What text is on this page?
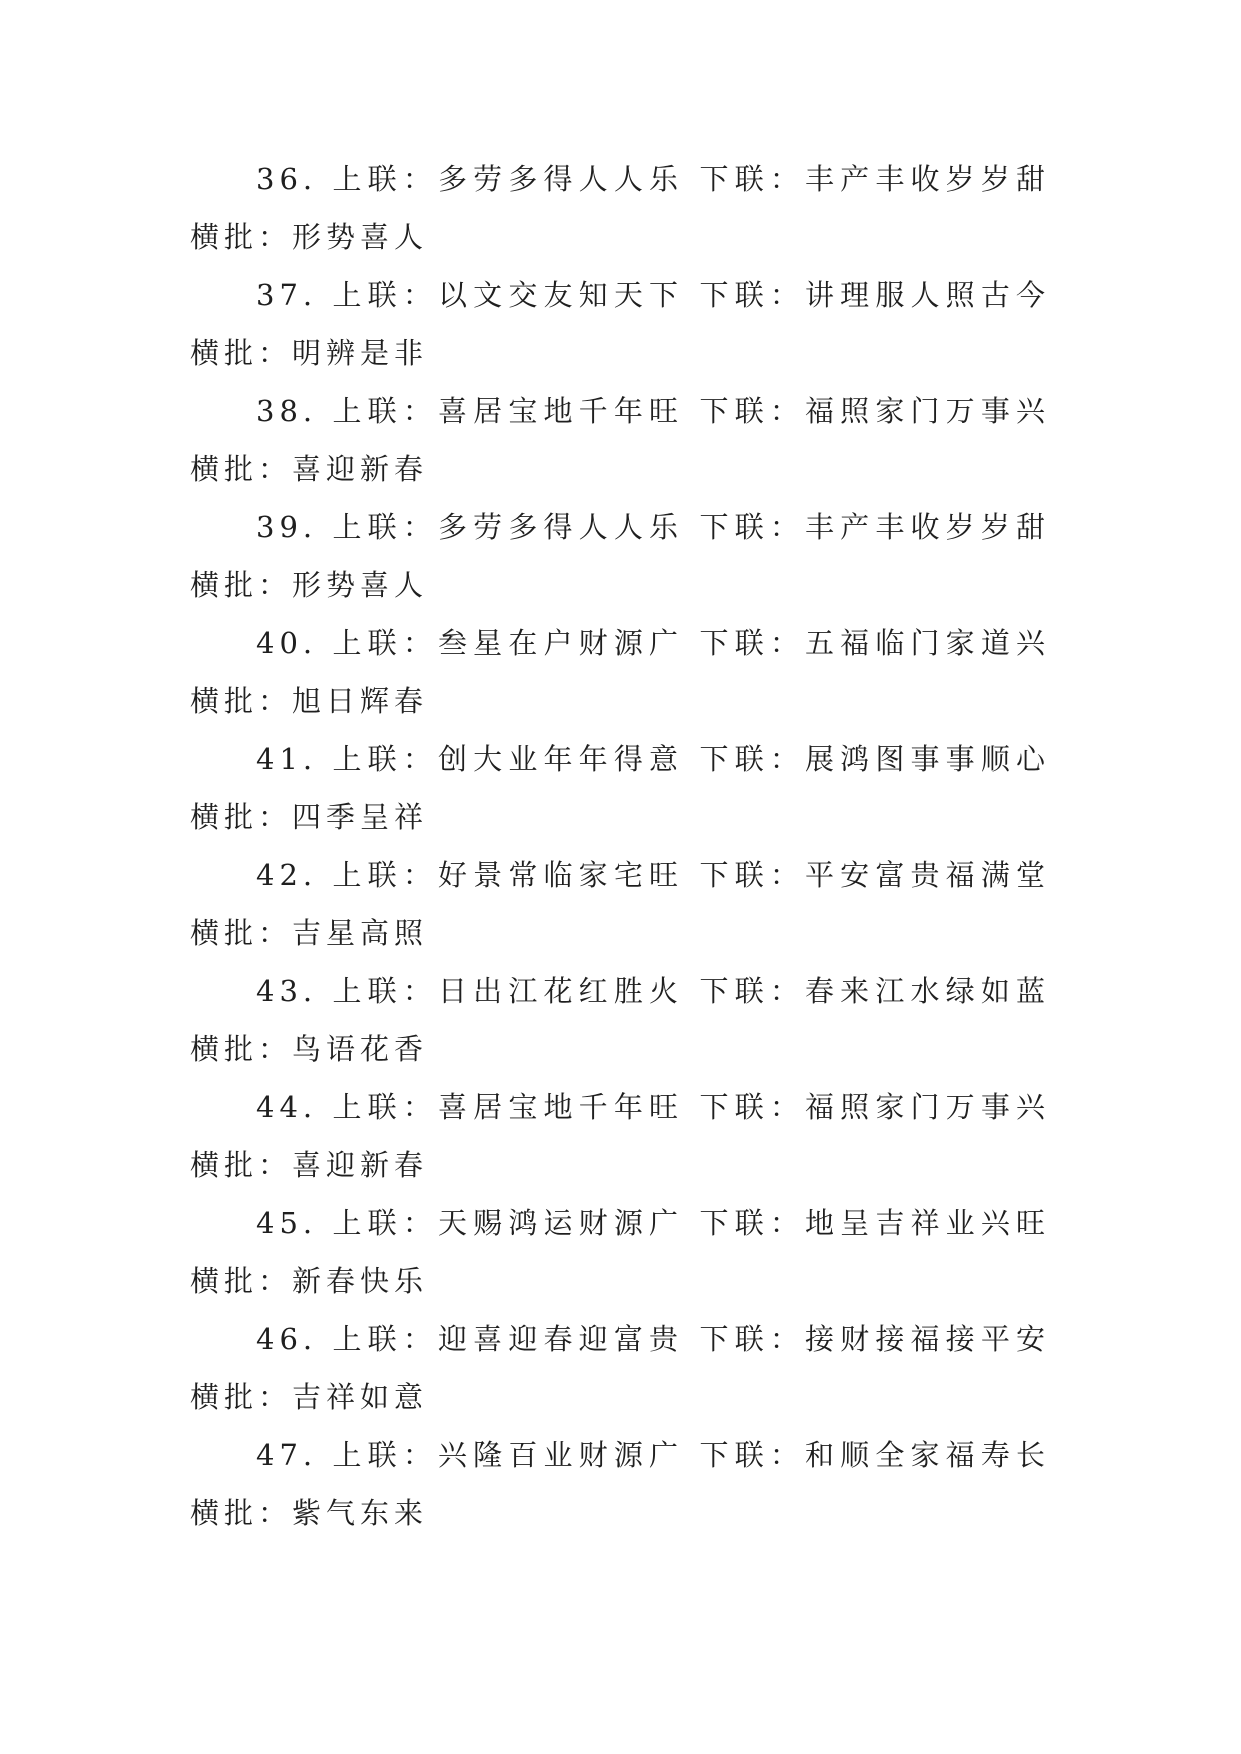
36. 上联：多劳多得人人乐 下联：丰产丰收岁岁甜 横批：形势喜人

37. 上联：以文交友知天下 下联：讲理服人照古今 横批：明辨是非

38. 上联：喜居宝地千年旺 下联：福照家门万事兴 横批：喜迎新春

39. 上联：多劳多得人人乐 下联：丰产丰收岁岁甜 横批：形势喜人

40. 上联：叁星在户财源广 下联：五福临门家道兴 横批：旭日辉春

41. 上联：创大业年年得意 下联：展鸿图事事顺心 横批：四季呈祥

42. 上联：好景常临家宅旺 下联：平安富贵福满堂 横批：吉星高照

43. 上联：日出江花红胜火 下联：春来江水绿如蓝 横批：鸟语花香

44. 上联：喜居宝地千年旺 下联：福照家门万事兴 横批：喜迎新春

45. 上联：天赐鸿运财源广 下联：地呈吉祥业兴旺 横批：新春快乐

46. 上联：迎喜迎春迎富贵 下联：接财接福接平安 横批：吉祥如意

47. 上联：兴隆百业财源广 下联：和顺全家福寿长 横批：紫气东来
